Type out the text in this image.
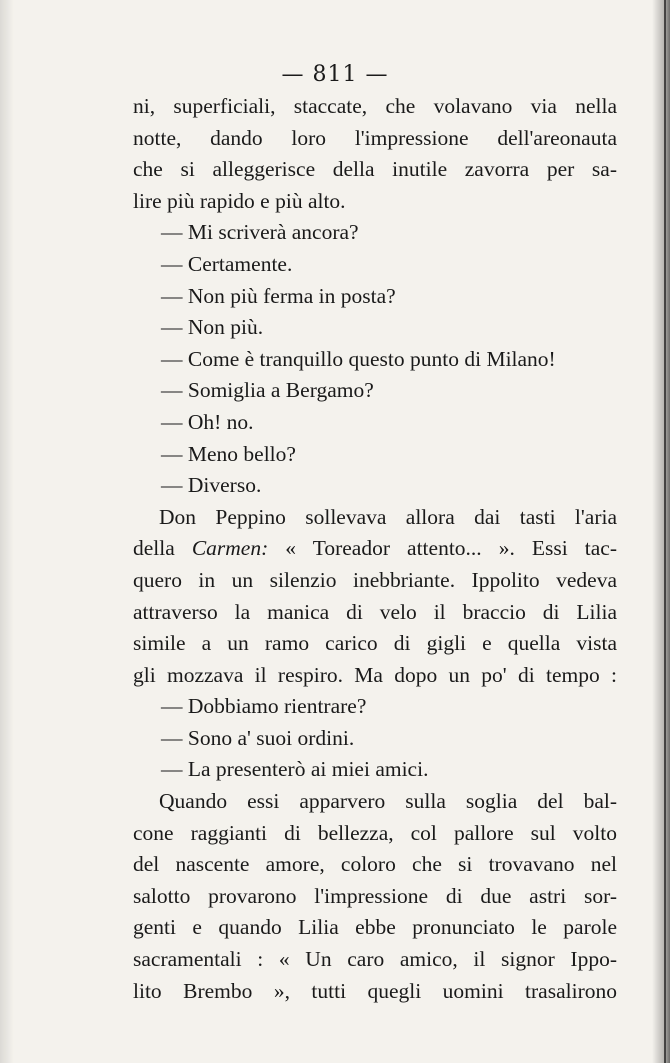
— 811 —
ni, superficiali, staccate, che volavano via nella
notte, dando loro l'impressione dell'areonauta
che si alleggerisce della inutile zavorra per sa-
lire più rapido e più alto.
— Mi scriverà ancora?
— Certamente.
— Non più ferma in posta?
— Non più.
— Come è tranquillo questo punto di Milano!
— Somiglia a Bergamo?
— Oh! no.
— Meno bello?
— Diverso.
Don Peppino sollevava allora dai tasti l'aria
della Carmen: « Toreador attento... ». Essi tac-
quero in un silenzio inebbriante. Ippolito vedeva
attraverso la manica di velo il braccio di Lilia
simile a un ramo carico di gigli e quella vista
gli mozzava il respiro. Ma dopo un po' di tempo :
— Dobbiamo rientrare?
— Sono a' suoi ordini.
— La presenterò ai miei amici.
Quando essi apparvero sulla soglia del bal-
cone raggianti di bellezza, col pallore sul volto
del nascente amore, coloro che si trovavano nel
salotto provarono l'impressione di due astri sor-
genti e quando Lilia ebbe pronunciato le parole
sacramentali : « Un caro amico, il signor Ippo-
lito Brembo », tutti quegli uomini trasalirono
